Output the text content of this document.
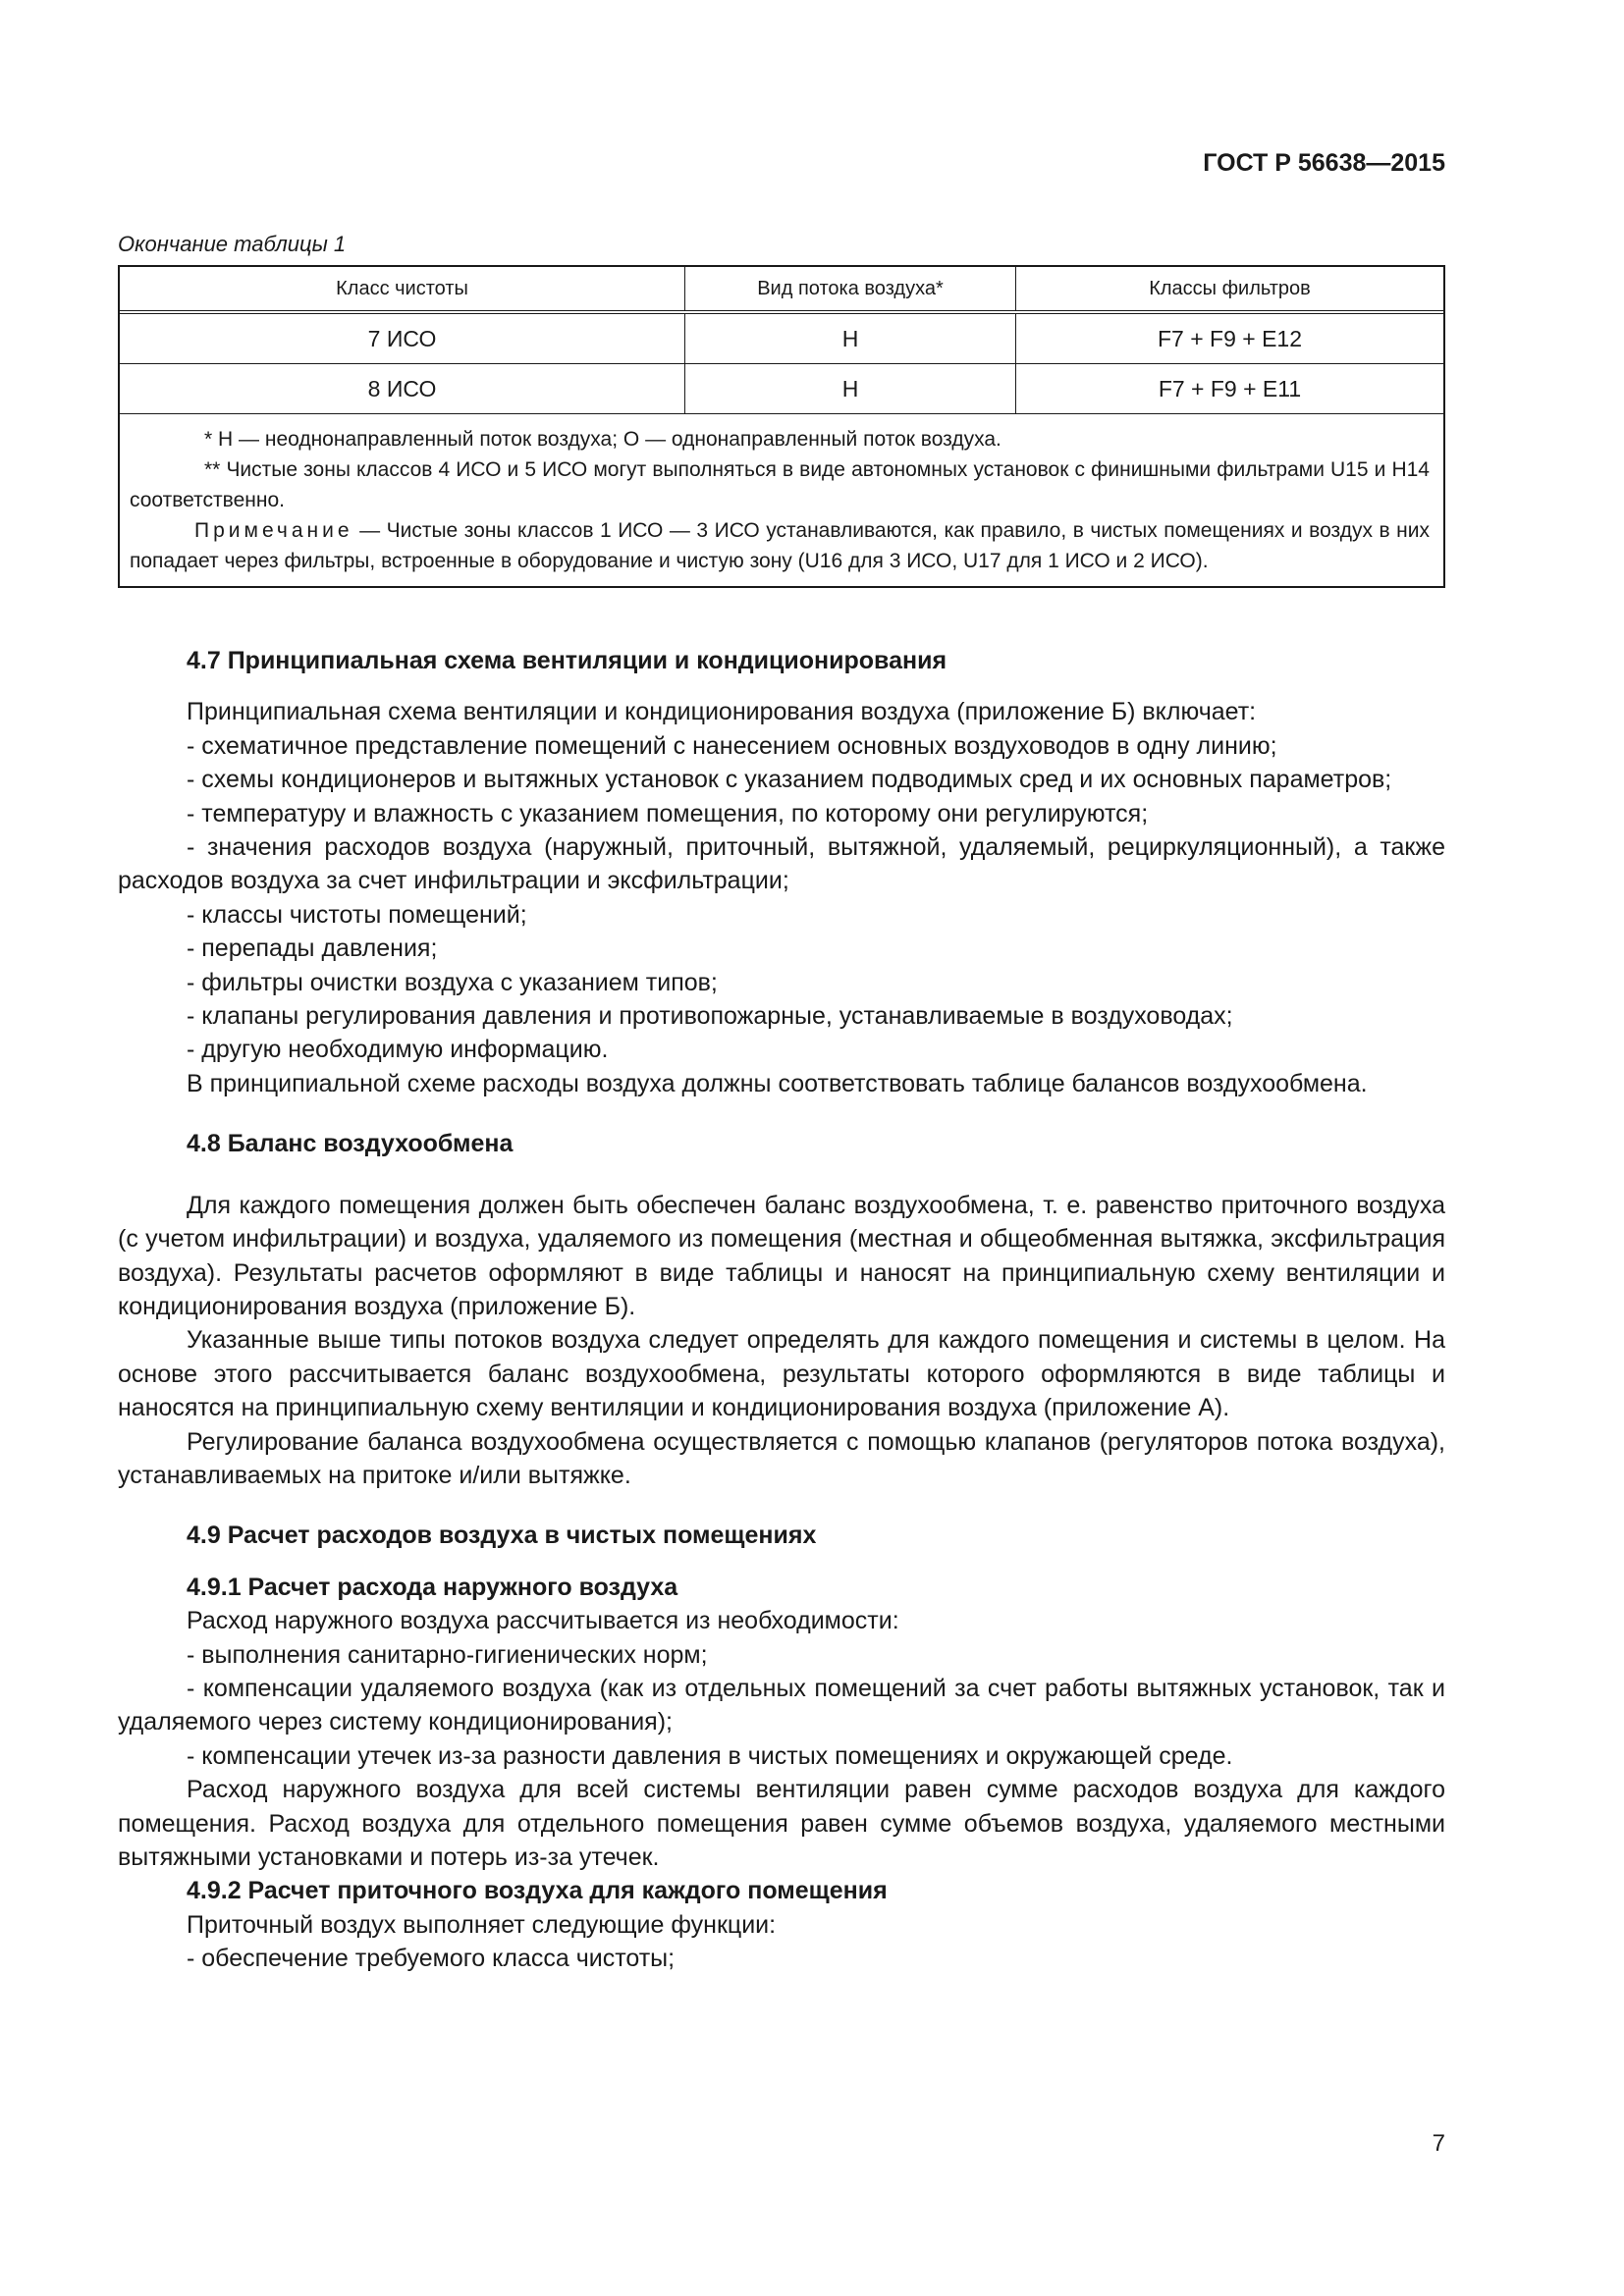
ГОСТ Р 56638—2015
Окончание таблицы 1
Класс чистоты	Вид потока воздуха*	Классы фильтров
7 ИСО	Н	F7 + F9 + E12
8 ИСО	Н	F7 + F9 + E11

* Н — неоднонаправленный поток воздуха; О — однонаправленный поток воздуха.

** Чистые зоны классов 4 ИСО и 5 ИСО могут выполняться в виде автономных установок с финишными фильтрами U15 и H14 соответственно.

Примечание — Чистые зоны классов 1 ИСО — 3 ИСО устанавливаются, как правило, в чистых помещениях и воздух в них попадает через фильтры, встроенные в оборудование и чистую зону (U16 для 3 ИСО, U17 для 1 ИСО и 2 ИСО).

4.7 Принципиальная схема вентиляции и кондиционирования

Принципиальная схема вентиляции и кондиционирования воздуха (приложение Б) включает:

- схематичное представление помещений с нанесением основных воздуховодов в одну линию;

- схемы кондиционеров и вытяжных установок с указанием подводимых сред и их основных параметров;

- температуру и влажность с указанием помещения, по которому они регулируются;

- значения расходов воздуха (наружный, приточный, вытяжной, удаляемый, рециркуляционный), а также расходов воздуха за счет инфильтрации и эксфильтрации;

- классы чистоты помещений;

- перепады давления;

- фильтры очистки воздуха с указанием типов;

- клапаны регулирования давления и противопожарные, устанавливаемые в воздуховодах;

- другую необходимую информацию.

В принципиальной схеме расходы воздуха должны соответствовать таблице балансов воздухообмена.

4.8 Баланс воздухообмена

Для каждого помещения должен быть обеспечен баланс воздухообмена, т. е. равенство приточного воздуха (с учетом инфильтрации) и воздуха, удаляемого из помещения (местная и общеобменная вытяжка, эксфильтрация воздуха). Результаты расчетов оформляют в виде таблицы и наносят на принципиальную схему вентиляции и кондиционирования воздуха (приложение Б).

Указанные выше типы потоков воздуха следует определять для каждого помещения и системы в целом. На основе этого рассчитывается баланс воздухообмена, результаты которого оформляются в виде таблицы и наносятся на принципиальную схему вентиляции и кондиционирования воздуха (приложение А).

Регулирование баланса воздухообмена осуществляется с помощью клапанов (регуляторов потока воздуха), устанавливаемых на притоке и/или вытяжке.

4.9 Расчет расходов воздуха в чистых помещениях

4.9.1 Расчет расхода наружного воздуха

Расход наружного воздуха рассчитывается из необходимости:

- выполнения санитарно-гигиенических норм;

- компенсации удаляемого воздуха (как из отдельных помещений за счет работы вытяжных установок, так и удаляемого через систему кондиционирования);

- компенсации утечек из-за разности давления в чистых помещениях и окружающей среде.

Расход наружного воздуха для всей системы вентиляции равен сумме расходов воздуха для каждого помещения. Расход воздуха для отдельного помещения равен сумме объемов воздуха, удаляемого местными вытяжными установками и потерь из-за утечек.

4.9.2 Расчет приточного воздуха для каждого помещения

Приточный воздух выполняет следующие функции:

- обеспечение требуемого класса чистоты;

7
